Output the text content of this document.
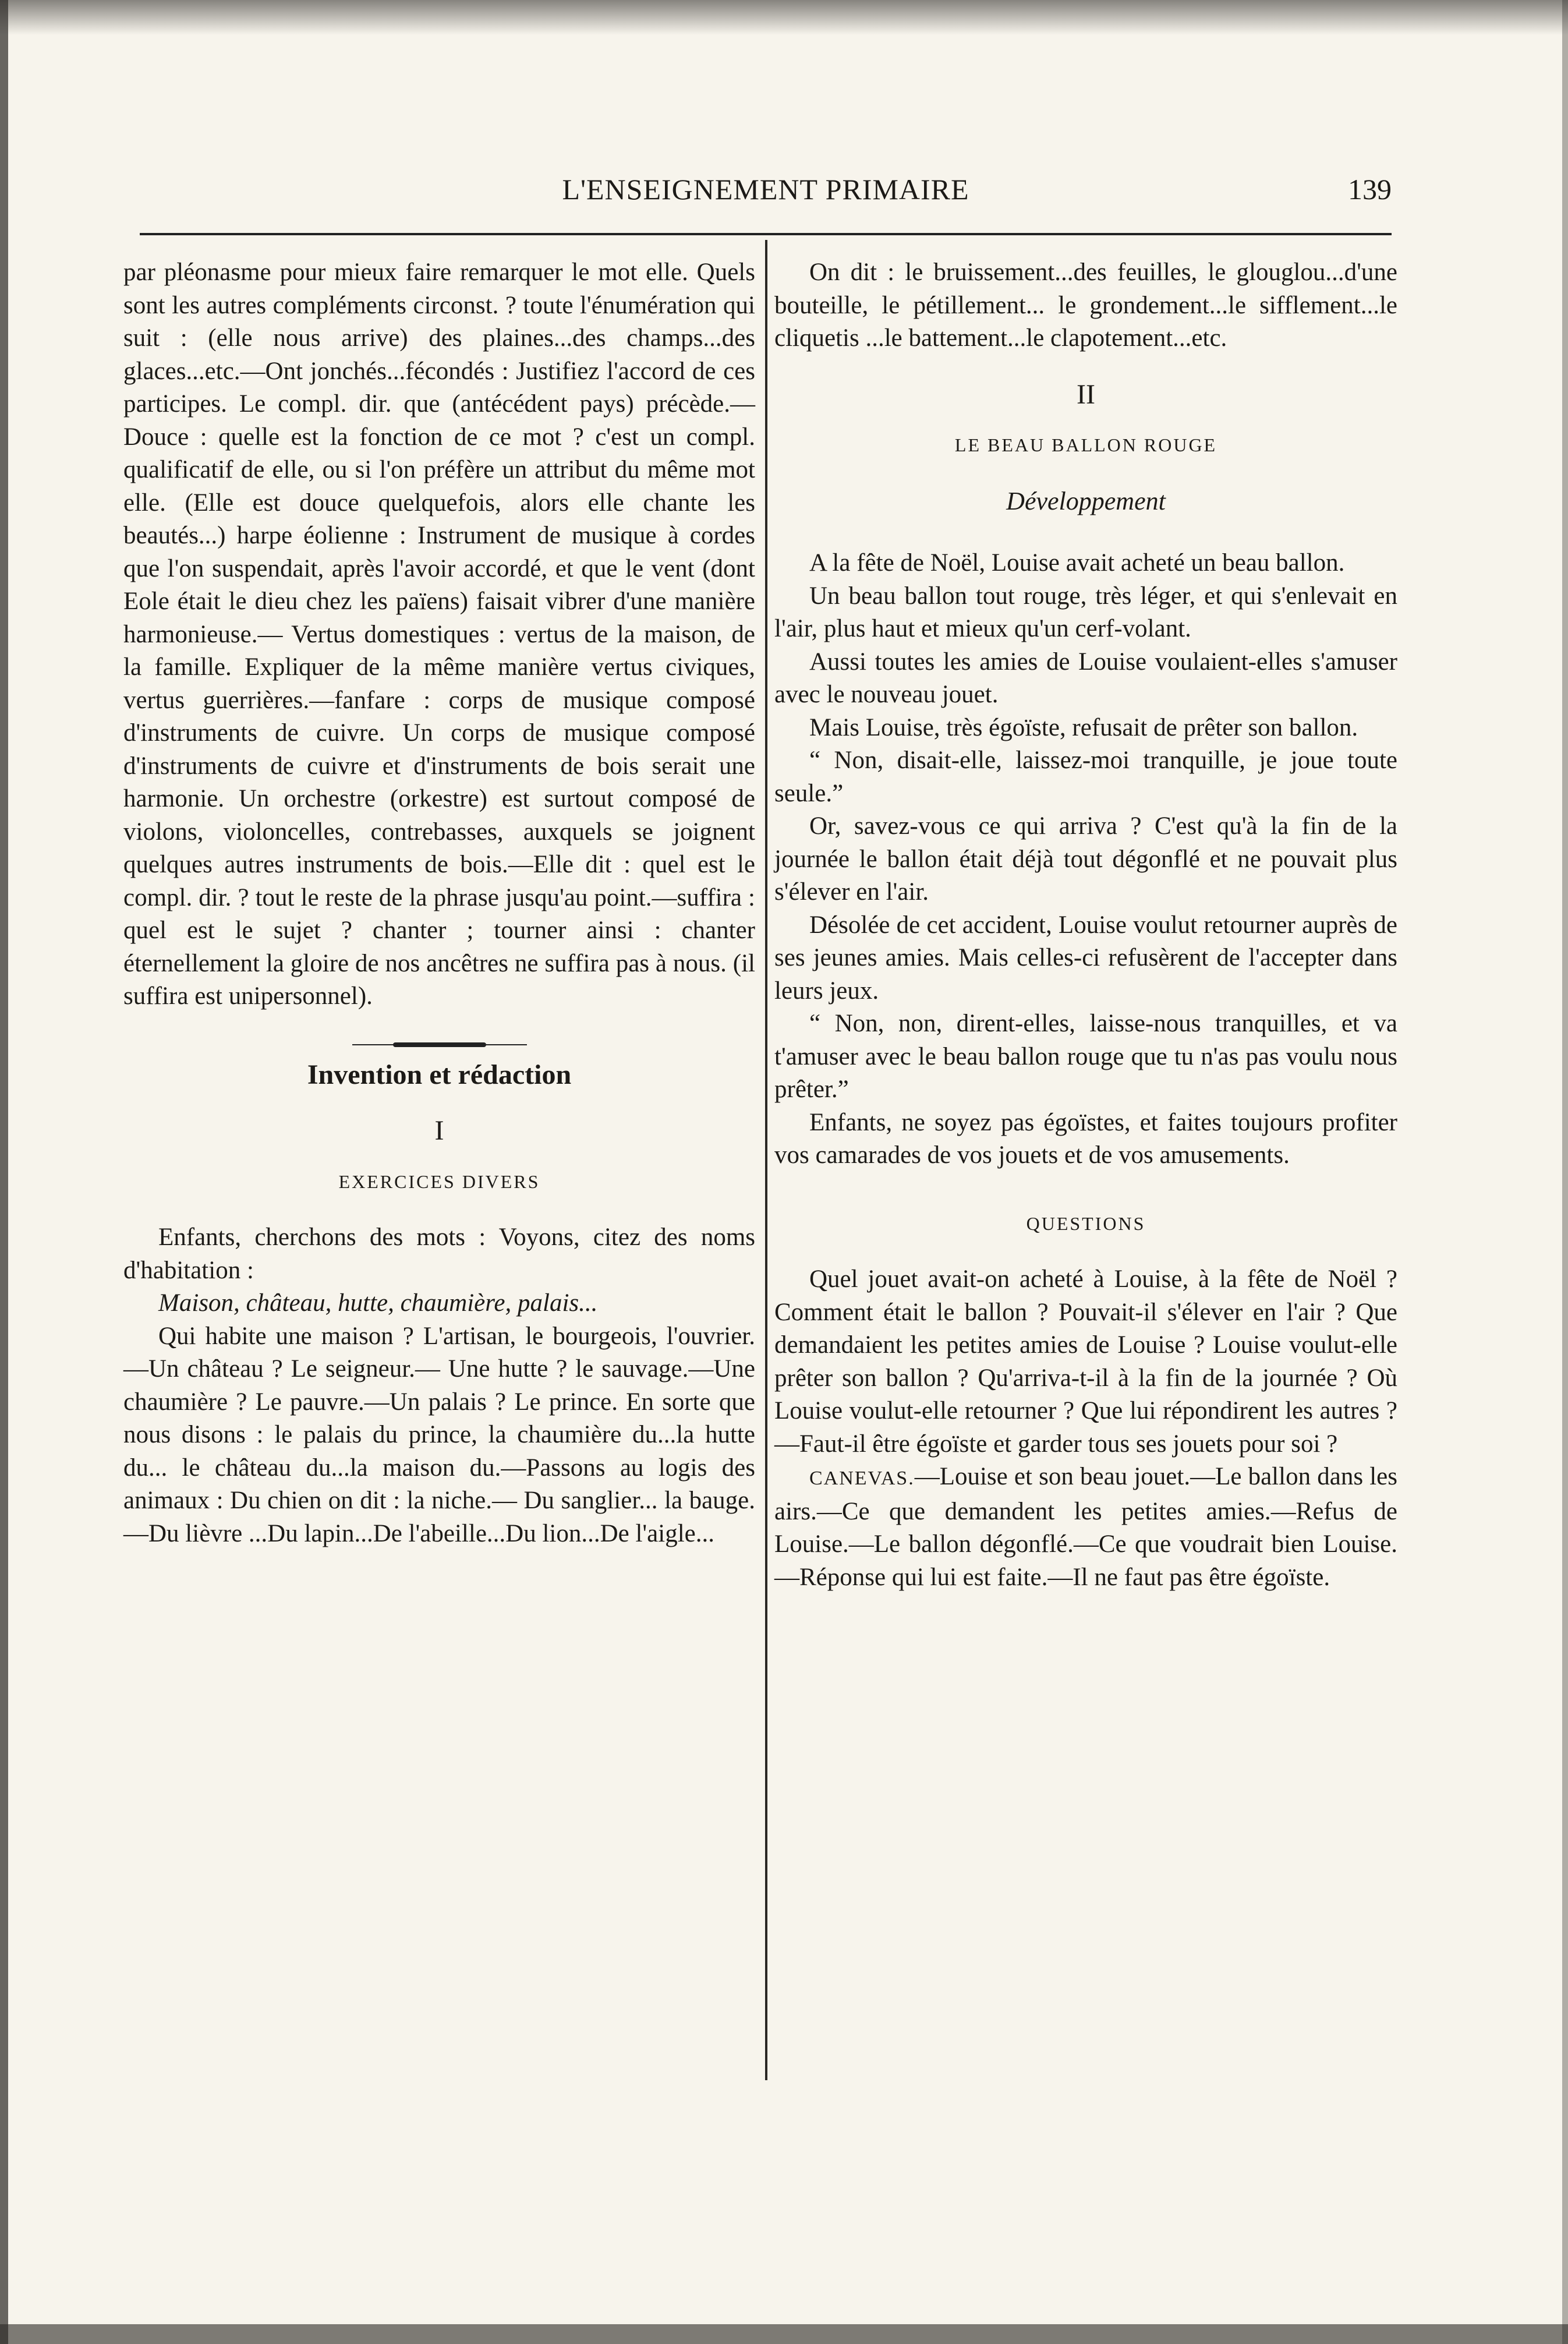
L'ENSEIGNEMENT PRIMAIRE	139

par pléonasme pour mieux faire remarquer le mot elle. Quels sont les autres compléments circonst. ? toute l'énumération qui suit : (elle nous arrive) des plaines...des champs...des glaces...etc.—Ont jonchés...fécondés : Justifiez l'accord de ces participes. Le compl. dir. que (antécédent pays) précède.—Douce : quelle est la fonction de ce mot ? c'est un compl. qualificatif de elle, ou si l'on préfère un attribut du même mot elle. (Elle est douce quelquefois, alors elle chante les beautés...) harpe éolienne : Instrument de musique à cordes que l'on suspendait, après l'avoir accordé, et que le vent (dont Eole était le dieu chez les païens) faisait vibrer d'une manière harmonieuse.— Vertus domestiques : vertus de la maison, de la famille. Expliquer de la même manière vertus civiques, vertus guerrières.—fanfare : corps de musique composé d'instruments de cuivre. Un corps de musique composé d'instruments de cuivre et d'instruments de bois serait une harmonie. Un orchestre (orkestre) est surtout composé de violons, violoncelles, contrebasses, auxquels se joignent quelques autres instruments de bois.—Elle dit : quel est le compl. dir. ? tout le reste de la phrase jusqu'au point.—suffira : quel est le sujet ? chanter ; tourner ainsi : chanter éternellement la gloire de nos ancêtres ne suffira pas à nous. (il suffira est unipersonnel).

Invention et rédaction
I
EXERCICES DIVERS

Enfants, cherchons des mots : Voyons, citez des noms d'habitation :

Maison, château, hutte, chaumière, palais...

Qui habite une maison ? L'artisan, le bourgeois, l'ouvrier.—Un château ? Le seigneur.— Une hutte ? le sauvage.—Une chaumière ? Le pauvre.—Un palais ? Le prince. En sorte que nous disons : le palais du prince, la chaumière du...la hutte du... le château du...la maison du.—Passons au logis des animaux : Du chien on dit : la niche.— Du sanglier... la bauge.—Du lièvre ...Du lapin...De l'abeille...Du lion...De l'aigle...

On dit : le bruissement...des feuilles, le glouglou...d'une bouteille, le pétillement... le grondement...le sifflement...le cliquetis ...le battement...le clapotement...etc.

II
LE BEAU BALLON ROUGE
Développement

A la fête de Noël, Louise avait acheté un beau ballon.

Un beau ballon tout rouge, très léger, et qui s'enlevait en l'air, plus haut et mieux qu'un cerf-volant.

Aussi toutes les amies de Louise voulaient-elles s'amuser avec le nouveau jouet.

Mais Louise, très égoïste, refusait de prêter son ballon.

“ Non, disait-elle, laissez-moi tranquille, je joue toute seule.”

Or, savez-vous ce qui arriva ? C'est qu'à la fin de la journée le ballon était déjà tout dégonflé et ne pouvait plus s'élever en l'air.

Désolée de cet accident, Louise voulut retourner auprès de ses jeunes amies. Mais celles-ci refusèrent de l'accepter dans leurs jeux.

“ Non, non, dirent-elles, laisse-nous tranquilles, et va t'amuser avec le beau ballon rouge que tu n'as pas voulu nous prêter.”

Enfants, ne soyez pas égoïstes, et faites toujours profiter vos camarades de vos jouets et de vos amusements.

QUESTIONS

Quel jouet avait-on acheté à Louise, à la fête de Noël ? Comment était le ballon ? Pouvait-il s'élever en l'air ? Que demandaient les petites amies de Louise ? Louise voulut-elle prêter son ballon ? Qu'arriva-t-il à la fin de la journée ? Où Louise voulut-elle retourner ? Que lui répondirent les autres ?—Faut-il être égoïste et garder tous ses jouets pour soi ?

CANEVAS.—Louise et son beau jouet.—Le ballon dans les airs.—Ce que demandent les petites amies.—Refus de Louise.—Le ballon dégonflé.—Ce que voudrait bien Louise.—Réponse qui lui est faite.—Il ne faut pas être égoïste.
